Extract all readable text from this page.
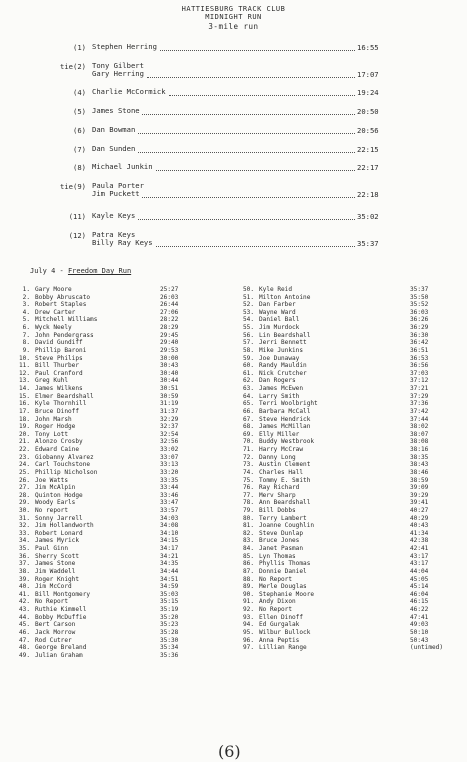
HATTIESBURG TRACK CLUB
MIDNIGHT RUN
3-mile run
(1) Stephen Herring	16:55
tie(2) Tony Gilbert
Gary Herring	17:07
(4) Charlie McCormick	19:24
(5) James Stone	20:50
(6) Dan Bowman	20:56
(7) Dan Sunden	22:15
(8) Michael Junkin	22:17
tie(9) Paula Porter
Jim Puckett	22:18
(11) Kayle Keys	35:02
(12) Patra Keys
Billy Ray Keys	35:37
July 4 - Freedom Day Run
1. Gary Moore	25:27
2. Bobby Abruscato	26:03
3. Robert Staples	26:44
4. Drew Carter	27:06
5. Mitchell Williams	28:22
6. Wyck Neely	28:29
7. John Pendergrass	29:45
8. David Gundiff	29:40
9. Phillip Baroni	29:53
10. Steve Philips	30:00
11. Bill Thurber	30:43
12. Paul Cranford	30:40
13. Greg Kuhl	30:44
14. James Wilkens	30:51
15. Elmer Beardshall	30:59
16. Kyle Thornhill	31:19
17. Bruce Dinoff	31:37
18. John Marsh	32:29
19. Roger Hodge	32:37
20. Tony Lott	32:54
21. Alonzo Crosby	32:56
22. Edward Caine	33:02
23. Giobanny Alvarez	33:07
24. Carl Touchstone	33:13
25. Phillip Nicholson	33:20
26. Joe Watts	33:35
27. Jim McAlpin	33:44
28. Quinton Hodge	33:46
29. Woody Earls	33:47
30. No report	33:57
31. Sonny Jarrell	34:03
32. Jim Hollandworth	34:08
33. Robert Lonard	34:10
34. James Myrick	34:15
35. Paul Ginn	34:17
36. Sherry Scott	34:21
37. James Stone	34:35
38. Jim Waddell	34:44
39. Roger Knight	34:51
40. Jim McCord	34:59
41. Bill Montgomery	35:03
42. No Report	35:15
43. Ruthie Kimmell	35:19
44. Bobby McDuffie	35:20
45. Bert Carson	35:23
46. Jack Morrow	35:28
47. Rod Cutrer	35:30
48. George Breland	35:34
49. Julian Graham	35:36
50. Kyle Reid	35:37
51. Milton Antoine	35:50
52. Dan Farber	35:52
53. Wayne Ward	36:03
54. Daniel Ball	36:26
55. Jim Murdock	36:29
56. Lin Beardshall	36:30
57. Jerri Bennett	36:42
58. Mike Junkins	36:51
59. Joe Dunaway	36:53
60. Randy Mauldin	36:56
61. Nick Crutcher	37:03
62. Dan Rogers	37:12
63. James McEwen	37:21
64. Larry Smith	37:29
65. Terri Woolbright	37:36
66. Barbara McCall	37:42
67. Steve Hendrick	37:44
68. James McMillan	38:02
69. Elly Miller	38:07
70. Buddy Westbrook	38:08
71. Harry McCraw	38:16
72. Danny Long	38:35
73. Austin Clement	38:43
74. Charles Hall	38:46
75. Tommy E. Smith	38:59
76. Ray Richard	39:09
77. Merv Sharp	39:29
78. Ann Beardshall	39:41
79. Bill Dobbs	40:27
80. Terry Lambert	40:29
81. Joanne Coughlin	40:43
82. Steve Dunlap	41:34
83. Bruce Jones	42:38
84. Janet Pasman	42:41
85. Lyn Thomas	43:17
86. Phyllis Thomas	43:17
87. Donnie Daniel	44:04
88. No Report	45:05
89. Merle Douglas	45:14
90. Stephanie Moore	46:04
91. Andy Dixon	46:15
92. No Report	46:22
93. Ellen Dinoff	47:41
94. Ed Gurgalak	49:03
95. Wilbur Bullock	50:10
96. Anna Peptis	50:43
97. Lillian Range	(untimed)
(6)
